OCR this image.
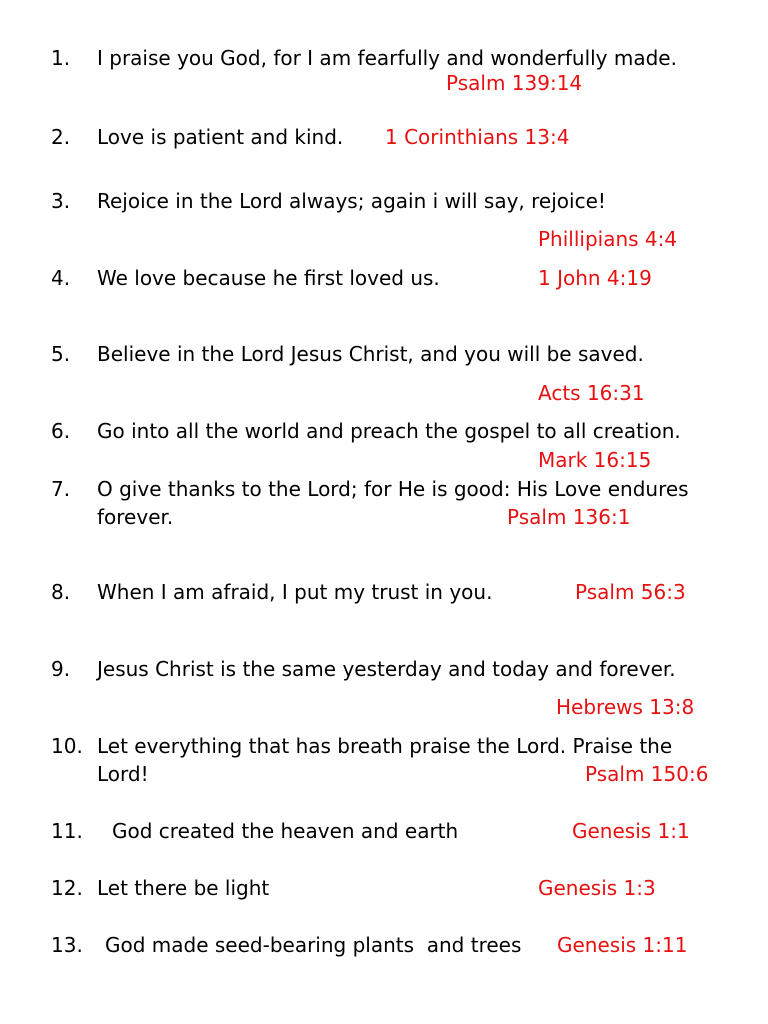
1. I praise you God, for I am fearfully and wonderfully made.
Psalm 139:14
2. Love is patient and kind. 1 Corinthians 13:4
3. Rejoice in the Lord always; again i will say, rejoice!
Phillipians 4:4
4. We love because he first loved us.	1 John 4:19
5. Believe in the Lord Jesus Christ, and you will be saved.
Acts 16:31
6. Go into all the world and preach the gospel to all creation.
Mark 16:15
7. O give thanks to the Lord; for He is good: His Love endures
forever.	Psalm 136:1
8. When I am afraid, I put my trust in you.	Psalm 56:3
9. Jesus Christ is the same yesterday and today and forever.
Hebrews 13:8
10. Let everything that has breath praise the Lord. Praise the
Lord!	Psalm 150:6
11. God created the heaven and earth	Genesis 1:1
12. Let there be light	Genesis 1:3
13. God made seed-bearing plants  and trees Genesis 1:11
